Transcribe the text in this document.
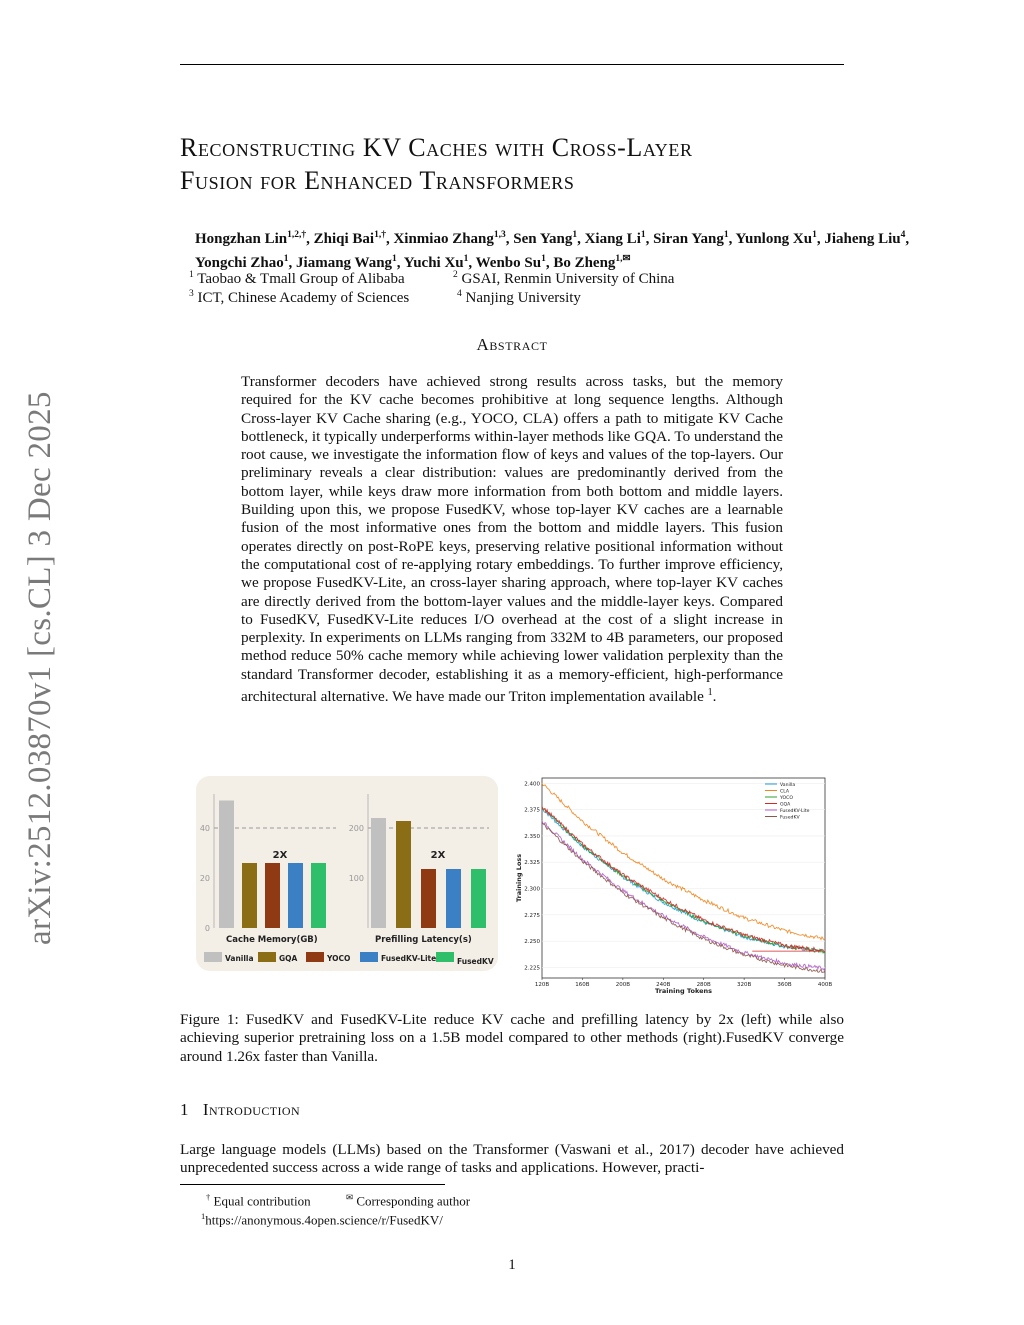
arXiv:2512.03870v1 [cs.CL] 3 Dec 2025
Reconstructing KV Caches with Cross-Layer
Fusion for Enhanced Transformers
Hongzhan Lin$^{1,2,\dagger}$, Zhiqi Bai$^{1,\dagger}$, Xinmiao Zhang$^{1,3}$, Sen Yang$^1$, Xiang Li$^1$, Siran Yang$^1$, Yunlong Xu$^1$, Jiaheng Liu$^4$, Yongchi Zhao$^1$, Jiamang Wang$^1$, Yuchi Xu$^1$, Wenbo Su$^1$, Bo Zheng$^{1,✉}$
$^1$ Taobao & Tmall Group of Alibaba	$^2$ GSAI, Renmin University of China
$^3$ ICT, Chinese Academy of Sciences	$^4$ Nanjing University
Abstract
Transformer decoders have achieved strong results across tasks, but the memory required for the KV cache becomes prohibitive at long sequence lengths. Although Cross-layer KV Cache sharing (e.g., YOCO, CLA) offers a path to mitigate KV Cache bottleneck, it typically underperforms within-layer methods like GQA. To understand the root cause, we investigate the information flow of keys and values of the top-layers. Our preliminary reveals a clear distribution: values are predominantly derived from the bottom layer, while keys draw more information from both bottom and middle layers. Building upon this, we propose FusedKV, whose top-layer KV caches are a learnable fusion of the most informative ones from the bottom and middle layers. This fusion operates directly on post-RoPE keys, preserving relative positional information without the computational cost of re-applying rotary embeddings. To further improve efficiency, we propose FusedKV-Lite, an cross-layer sharing approach, where top-layer KV caches are directly derived from the bottom-layer values and the middle-layer keys. Compared to FusedKV, FusedKV-Lite reduces I/O overhead at the cost of a slight increase in perplexity. In experiments on LLMs ranging from 332M to 4B parameters, our proposed method reduce 50% cache memory while achieving lower validation perplexity than the standard Transformer decoder, establishing it as a memory-efficient, high-performance architectural alternative. We have made our Triton implementation available $^1$.
0
20
40
2X
Cache Memory(GB)
100
200
2X
Prefilling Latency(s)
Vanilla	GQA	YOCO	FusedKV-Lite	FusedKV
2.225
2.250
2.275
2.300
2.325
2.350
2.375
2.400
120B	160B	200B	240B	280B	320B	360B	400B
Training Tokens
Training Loss
1.26x
Vanilla
CLA
YOCO
GQA
FusedKV-Lite
FusedKV
Figure 1: FusedKV and FusedKV-Lite reduce KV cache and prefilling latency by 2x (left) while also achieving superior pretraining loss on a 1.5B model compared to other methods (right).FusedKV converge around 1.26x faster than Vanilla.
1 Introduction
Large language models (LLMs) based on the Transformer (Vaswani et al., 2017) decoder have achieved unprecedented success across a wide range of tasks and applications. However, practi-
† Equal contribution	✉ Corresponding author
$^1$https://anonymous.4open.science/r/FusedKV/
1
